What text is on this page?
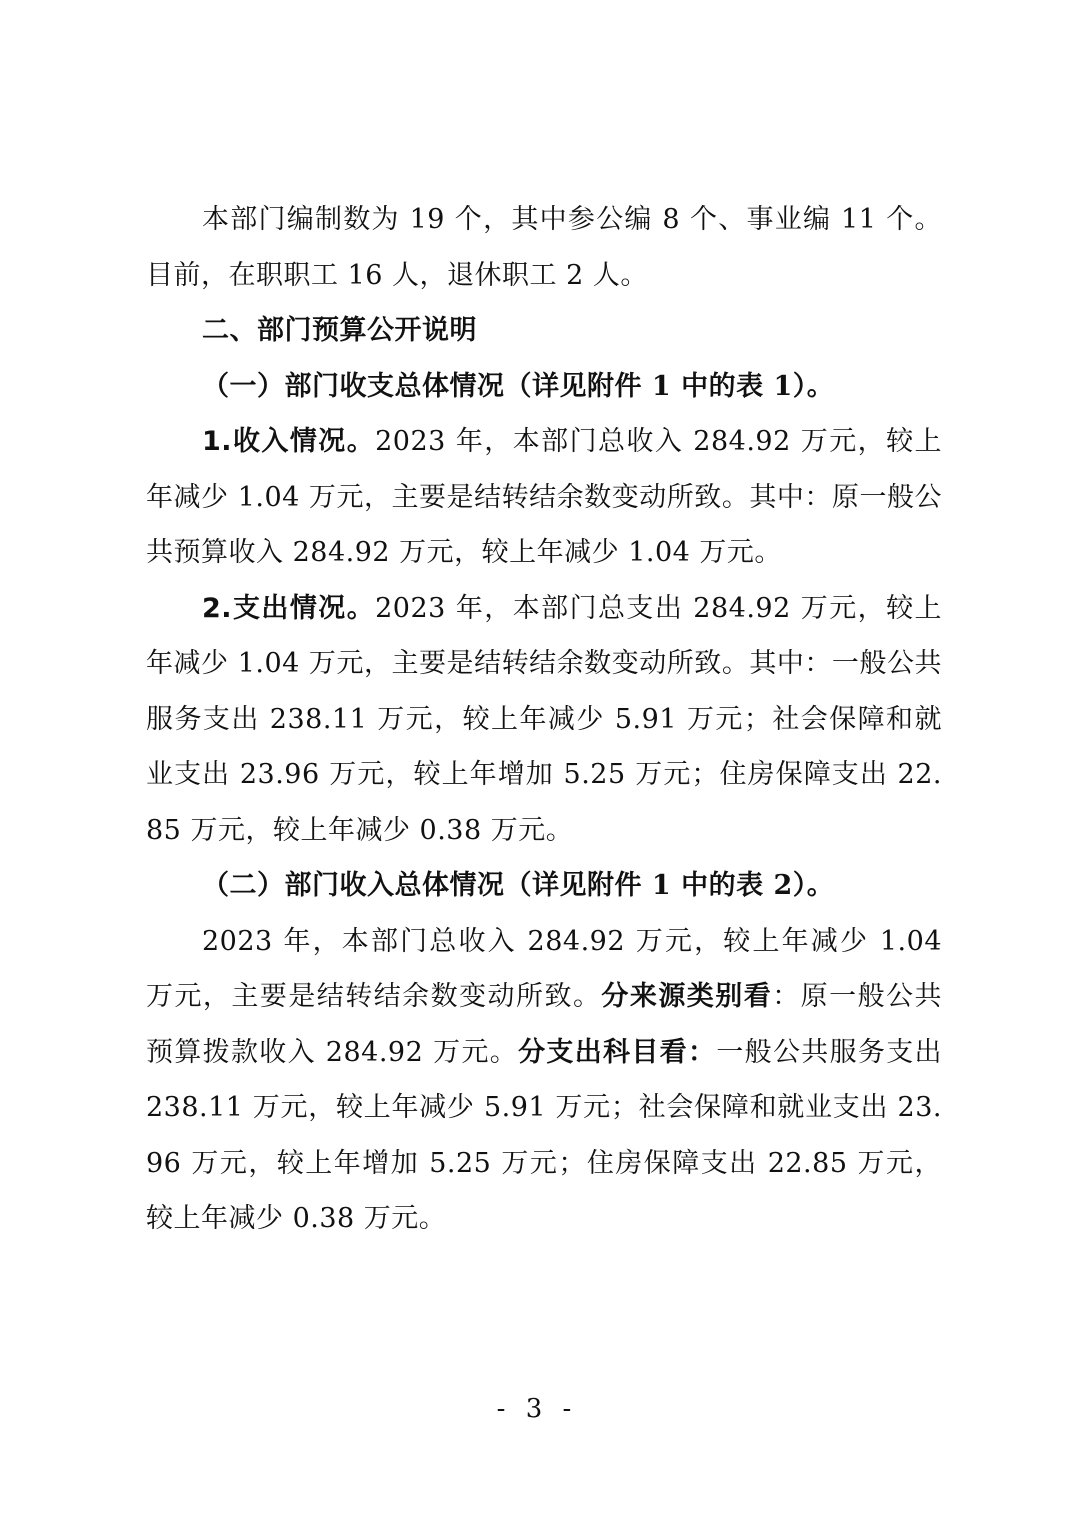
本部门编制数为 19 个，其中参公编 8 个、事业编 11 个。目前，在职职工 16 人，退休职工 2 人。

二、部门预算公开说明

（一）部门收支总体情况（详见附件 1 中的表 1）。

1.收入情况。2023 年，本部门总收入 284.92 万元，较上年减少 1.04 万元，主要是结转结余数变动所致。其中：原一般公共预算收入 284.92 万元，较上年减少 1.04 万元。

2.支出情况。2023 年，本部门总支出 284.92 万元，较上年减少 1.04 万元，主要是结转结余数变动所致。其中：一般公共服务支出 238.11 万元，较上年减少 5.91 万元；社会保障和就业支出 23.96 万元，较上年增加 5.25 万元；住房保障支出 22.85 万元，较上年减少 0.38 万元。

（二）部门收入总体情况（详见附件 1 中的表 2）。

2023 年，本部门总收入 284.92 万元，较上年减少 1.04 万元，主要是结转结余数变动所致。分来源类别看：原一般公共预算拨款收入 284.92 万元。分支出科目看：一般公共服务支出 238.11 万元，较上年减少 5.91 万元；社会保障和就业支出 23.96 万元，较上年增加 5.25 万元；住房保障支出 22.85 万元，较上年减少 0.38 万元。

- 3 -
